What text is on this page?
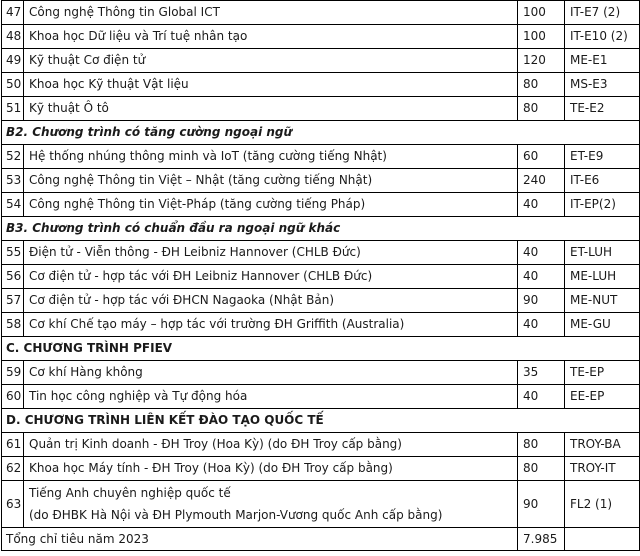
47	Công nghệ Thông tin Global ICT	100	IT-E7 (2)
48	Khoa học Dữ liệu và Trí tuệ nhân tạo	100	IT-E10 (2)
49	Kỹ thuật Cơ điện tử	120	ME-E1
50	Khoa học Kỹ thuật Vật liệu	80	MS-E3
51	Kỹ thuật Ô tô	80	TE-E2
B2. Chương trình có tăng cường ngoại ngữ			
52	Hệ thống nhúng thông minh và IoT (tăng cường tiếng Nhật)	60	ET-E9
53	Công nghệ Thông tin Việt – Nhật (tăng cường tiếng Nhật)	240	IT-E6
54	Công nghệ Thông tin Việt-Pháp (tăng cường tiếng Pháp)	40	IT-EP(2)
B3. Chương trình có chuẩn đầu ra ngoại ngữ khác			
55	Điện tử - Viễn thông - ĐH Leibniz Hannover (CHLB Đức)	40	ET-LUH
56	Cơ điện tử - hợp tác với ĐH Leibniz Hannover (CHLB Đức)	40	ME-LUH
57	Cơ điện tử - hợp tác với ĐHCN Nagaoka (Nhật Bản)	90	ME-NUT
58	Cơ khí Chế tạo máy – hợp tác với trường ĐH Griffith (Australia)	40	ME-GU
C. CHƯƠNG TRÌNH PFIEV			
59	Cơ khí Hàng không	35	TE-EP
60	Tin học công nghiệp và Tự động hóa	40	EE-EP
D. CHƯƠNG TRÌNH LIÊN KẾT ĐÀO TẠO QUỐC TẾ			
61	Quản trị Kinh doanh - ĐH Troy (Hoa Kỳ) (do ĐH Troy cấp bằng)	80	TROY-BA
62	Khoa học Máy tính - ĐH Troy (Hoa Kỳ) (do ĐH Troy cấp bằng)	80	TROY-IT
63	Tiếng Anh chuyên nghiệp quốc tế
(do ĐHBK Hà Nội và ĐH Plymouth Marjon-Vương quốc Anh cấp bằng)	90	FL2 (1)
Tổng chỉ tiêu năm 2023		7.985	
